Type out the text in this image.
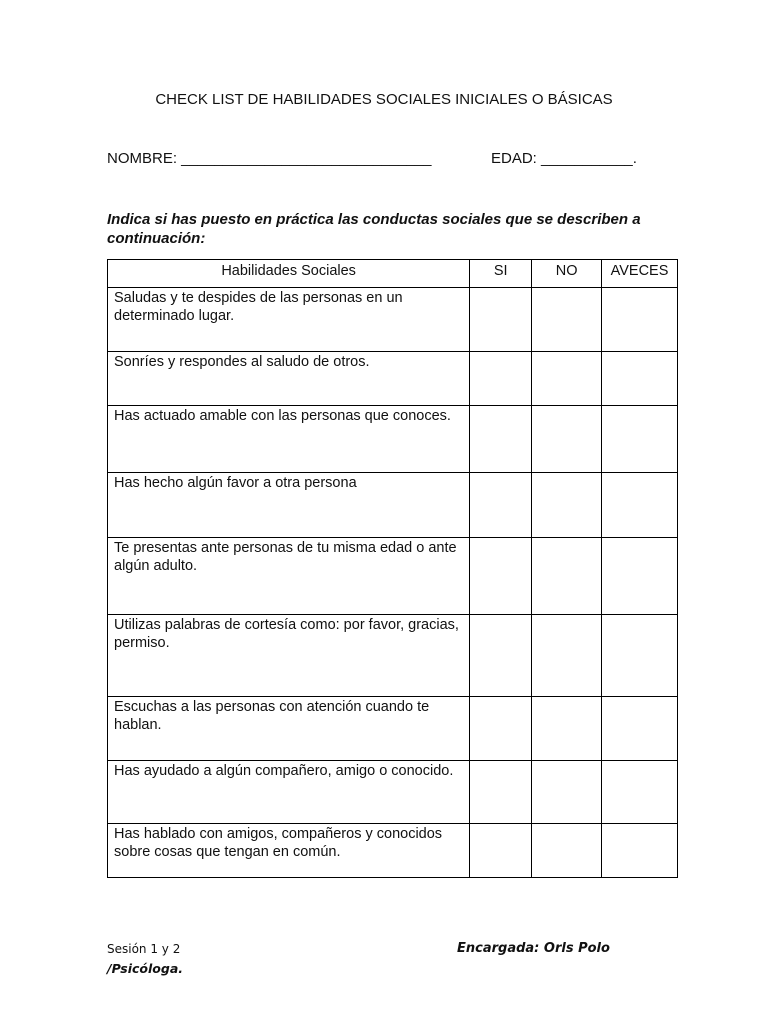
CHECK LIST DE HABILIDADES SOCIALES INICIALES O BÁSICAS
NOMBRE: ______________________________	EDAD: ___________.
Indica si has puesto en práctica las conductas sociales que se describen a continuación:
Habilidades Sociales	SI	NO	AVECES
Saludas y te despides de las personas en un determinado lugar.			
Sonríes y respondes al saludo de otros.			
Has actuado amable con las personas que conoces.			
Has hecho algún favor a otra persona			
Te presentas ante personas de tu misma edad o ante algún adulto.			
Utilizas palabras de cortesía como: por favor, gracias, permiso.			
Escuchas a las personas con atención cuando te hablan.			
Has ayudado a algún compañero, amigo o conocido.			
Has hablado con amigos, compañeros y conocidos sobre cosas que tengan en común.			
Sesión 1 y 2
/Psicóloga.
Encargada: Orls Polo
